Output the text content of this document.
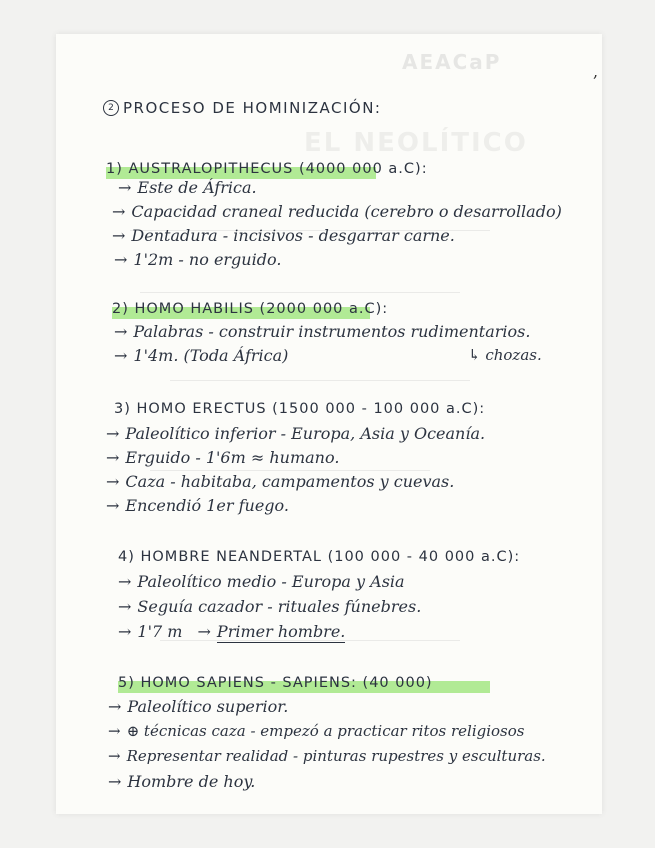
AEACaP
EL NEOLÍTICO
,
2 PROCESO DE HOMINIZACIÓN:
1) AUSTRALOPITHECUS (4000 000 a.C):
→ Este de África.
→ Capacidad craneal reducida (cerebro o desarrollado)
→ Dentadura - incisivos - desgarrar carne.
→ 1'2m - no erguido.
2) HOMO HABILIS (2000 000 a.C):
→ Palabras - construir instrumentos rudimentarios.
→ 1'4m. (Toda África)	↳ chozas.
3) HOMO ERECTUS (1500 000 - 100 000 a.C):
→ Paleolítico inferior - Europa, Asia y Oceanía.
→ Erguido - 1'6m ≈ humano.
→ Caza - habitaba, campamentos y cuevas.
→ Encendió 1er fuego.
4) HOMBRE NEANDERTAL (100 000 - 40 000 a.C):
→ Paleolítico medio - Europa y Asia
→ Seguía cazador - rituales fúnebres.
→ 1'7 m → Primer hombre.
5) HOMO SAPIENS - SAPIENS: (40 000)
→ Paleolítico superior.
→ ⊕ técnicas caza - empezó a practicar ritos religiosos
→ Representar realidad - pinturas rupestres y esculturas.
→ Hombre de hoy.
